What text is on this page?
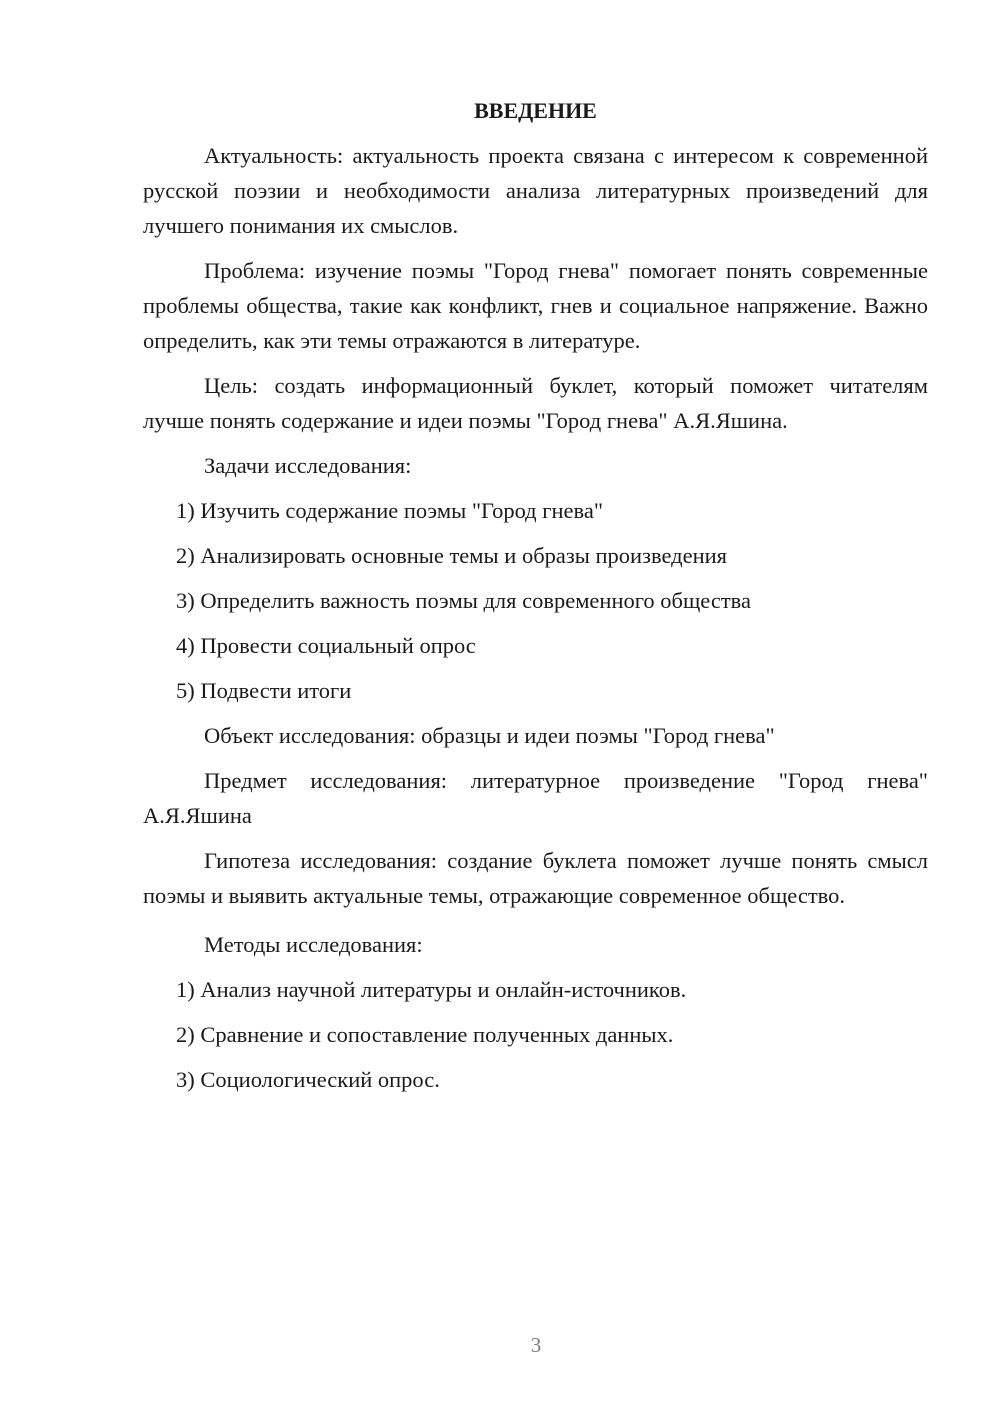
ВВЕДЕНИЕ
Актуальность: актуальность проекта связана с интересом к современной русской поэзии и необходимости анализа литературных произведений для лучшего понимания их смыслов.
Проблема: изучение поэмы "Город гнева" помогает понять современные проблемы общества, такие как конфликт, гнев и социальное напряжение. Важно определить, как эти темы отражаются в литературе.
Цель: создать информационный буклет, который поможет читателям лучше понять содержание и идеи поэмы "Город гнева" А.Я.Яшина.
Задачи исследования:
1) Изучить содержание поэмы "Город гнева"
2) Анализировать основные темы и образы произведения
3) Определить важность поэмы для современного общества
4) Провести социальный опрос
5) Подвести итоги
Объект исследования: образцы и идеи поэмы "Город гнева"
Предмет исследования: литературное произведение "Город гнева" А.Я.Яшина
Гипотеза исследования: создание буклета поможет лучше понять смысл поэмы и выявить актуальные темы, отражающие современное общество.
Методы исследования:
1) Анализ научной литературы и онлайн-источников.
2) Сравнение и сопоставление полученных данных.
3) Социологический опрос.
3
